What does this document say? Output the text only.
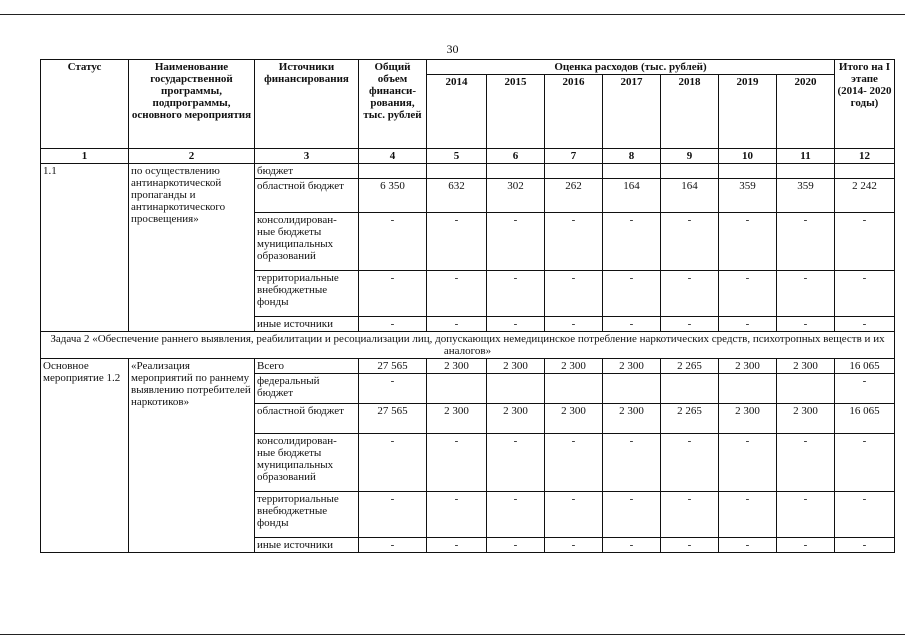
30
Статус	Наименование государственной программы, подпрограммы, основного мероприятия	Источники финансирования	Общий объем финанси- рования, тыс. рублей	Оценка расходов (тыс. рублей)							Итого на I этапе (2014- 2020 годы)
				2014	2015	2016	2017	2018	2019	2020	
1	2	3	4	5	6	7	8	9	10	11	12
1.1	по осуществлению антинаркотической пропаганды и антинаркотического просвещения»	бюджет									
		областной бюджет	6 350	632	302	262	164	164	359	359	2 242
		консолидирован- ные бюджеты муниципальных образований	-	-	-	-	-	-	-	-	-
		территориальные внебюджетные фонды	-	-	-	-	-	-	-	-	-
		иные источники	-	-	-	-	-	-	-	-	-
Задача 2 «Обеспечение раннего выявления, реабилитации и ресоциализации лиц, допускающих немедицинское потребление наркотических средств, психотропных веществ и их аналогов»											
Основное мероприятие 1.2	«Реализация мероприятий по раннему выявлению потребителей наркотиков»	Всего	27 565	2 300	2 300	2 300	2 300	2 265	2 300	2 300	16 065
		федеральный бюджет	-								-
		областной бюджет	27 565	2 300	2 300	2 300	2 300	2 265	2 300	2 300	16 065
		консолидирован- ные бюджеты муниципальных образований	-	-	-	-	-	-	-	-	-
		территориальные внебюджетные фонды	-	-	-	-	-	-	-	-	-
		иные источники	-	-	-	-	-	-	-	-	-
